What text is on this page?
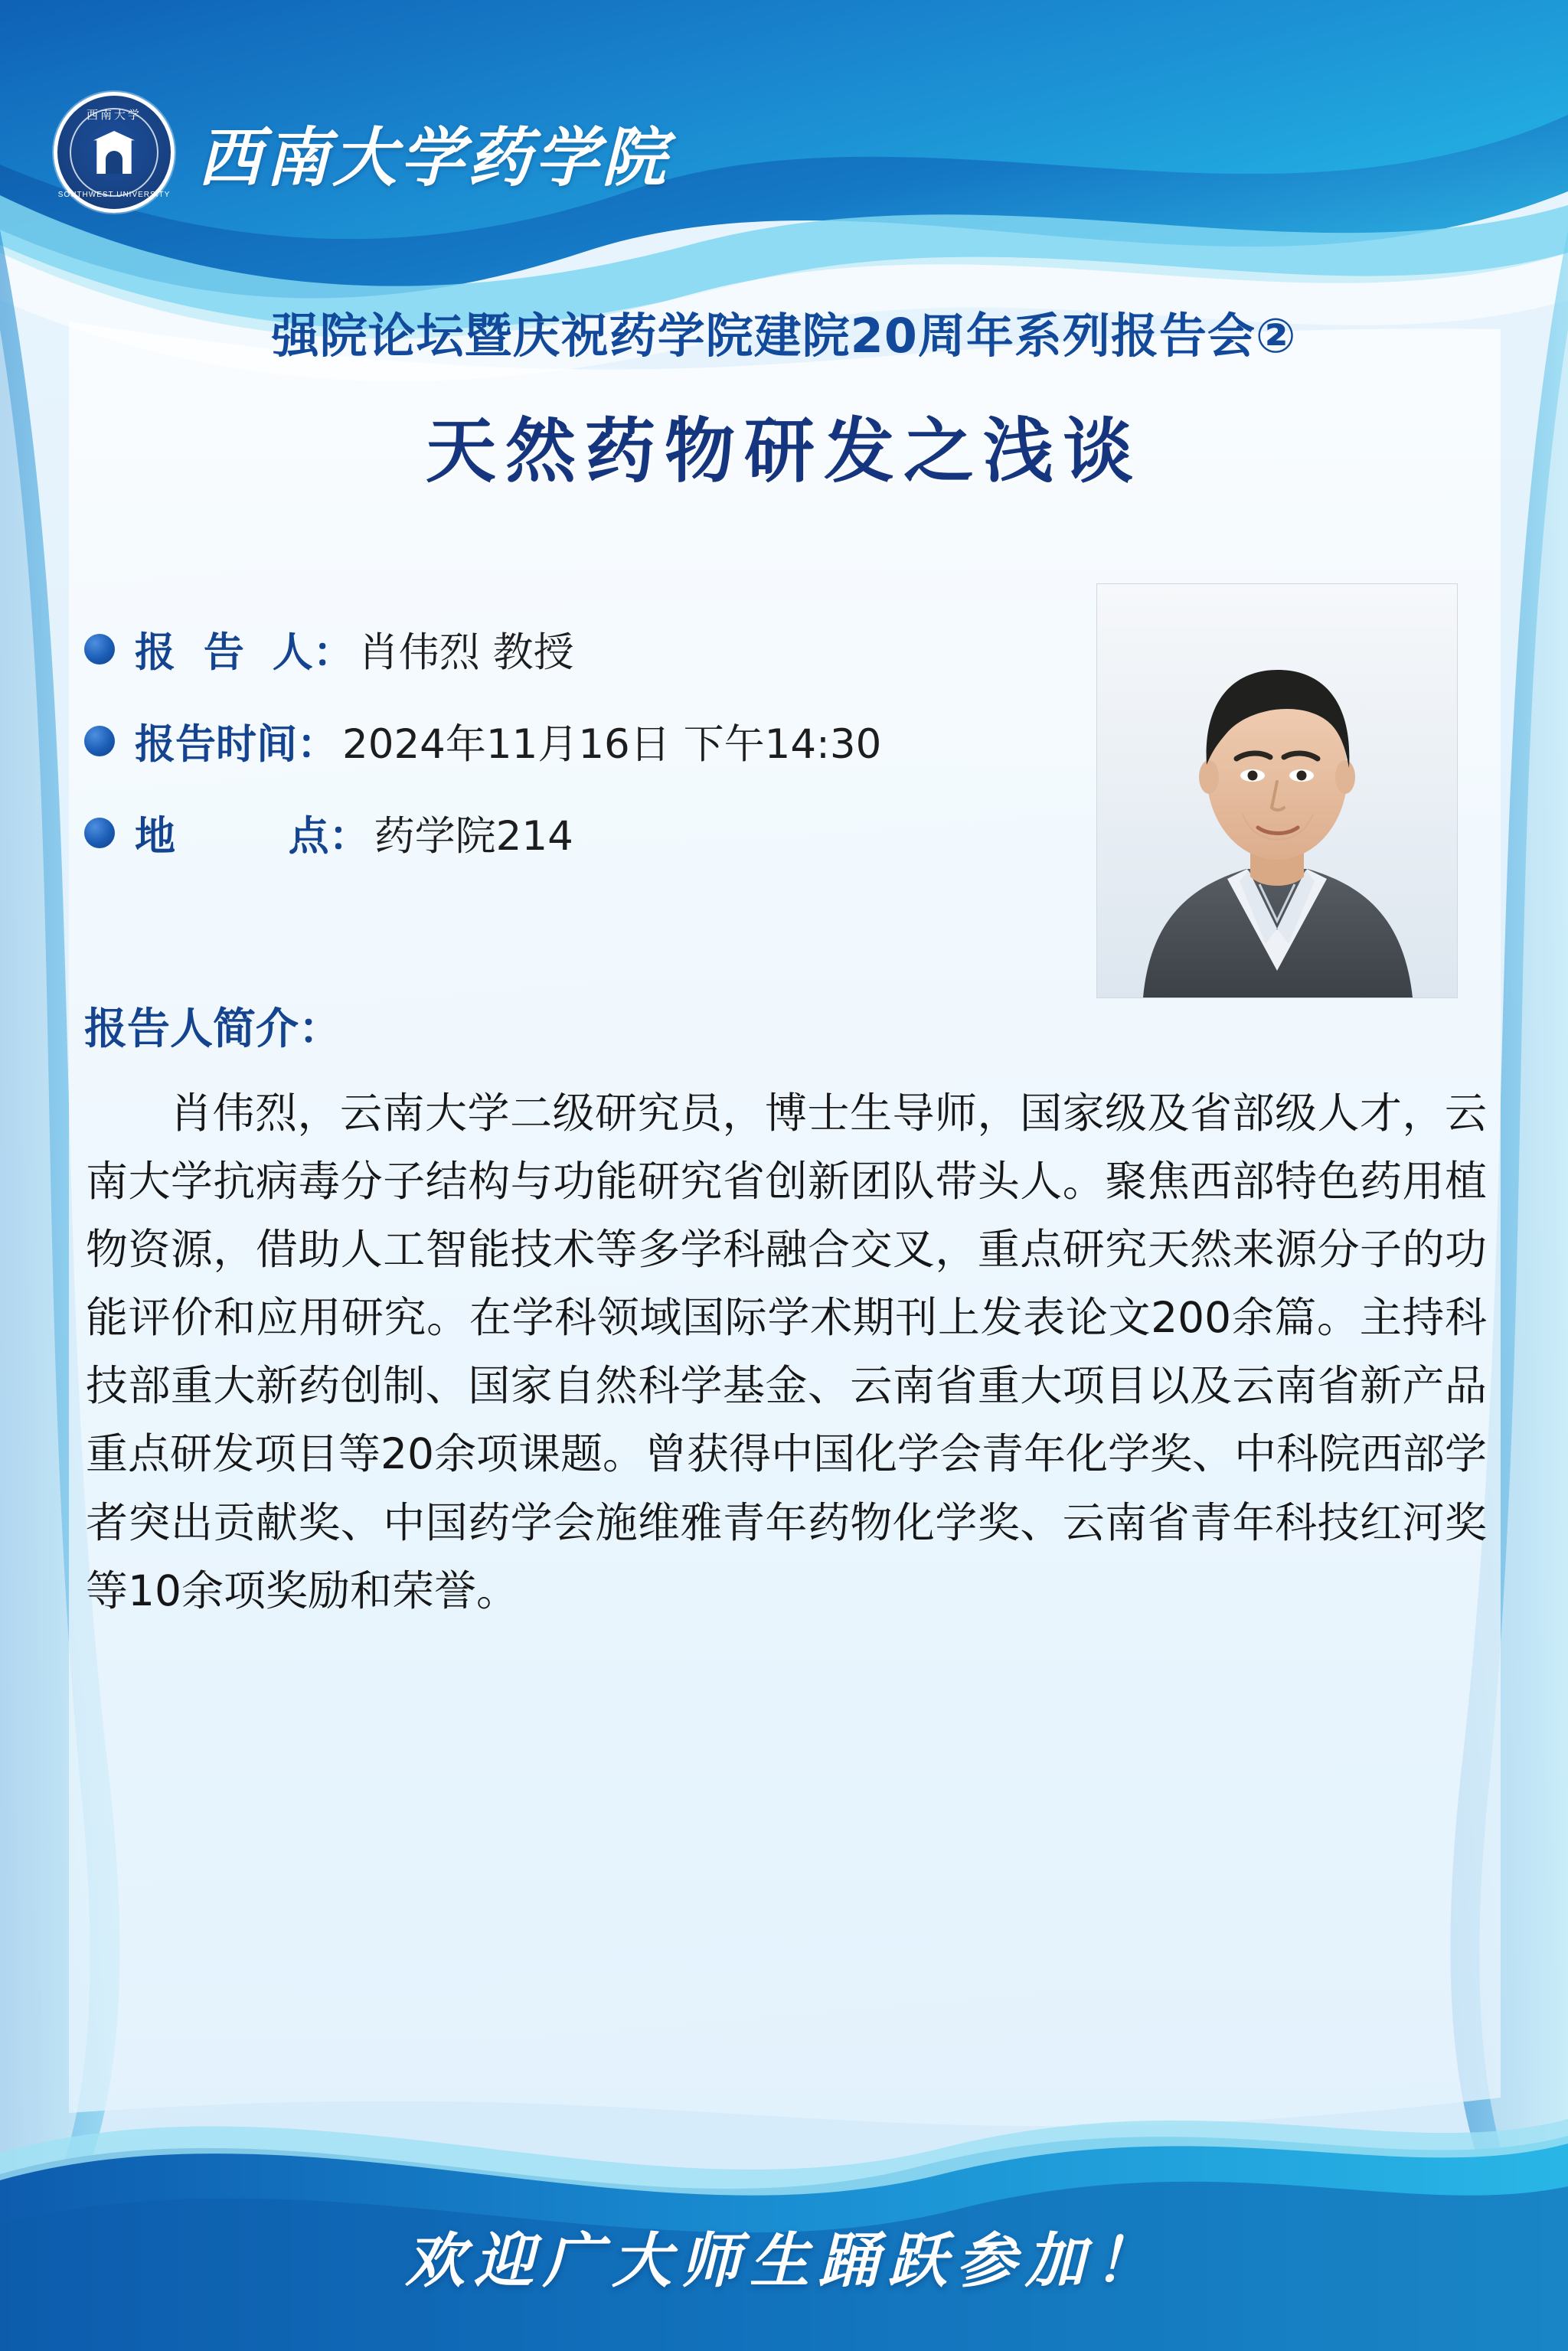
西南大学
SOUTHWEST UNIVERSITY 西南大学药学院
强院论坛暨庆祝药学院建院20周年系列报告会②
天然药物研发之浅谈
报  告  人 ： 肖伟烈 教授
报告时间 ： 2024年11月16日 下午14:30
地        点 ： 药学院214
报告人简介：
肖伟烈，云南大学二级研究员，博士生导师，国家级及省部级人才，云南大学抗病毒分子结构与功能研究省创新团队带头人。聚焦西部特色药用植物资源，借助人工智能技术等多学科融合交叉，重点研究天然来源分子的功能评价和应用研究。在学科领域国际学术期刊上发表论文200余篇。主持科技部重大新药创制、国家自然科学基金、云南省重大项目以及云南省新产品重点研发项目等20余项课题。曾获得中国化学会青年化学奖、中科院西部学者突出贡献奖、中国药学会施维雅青年药物化学奖、云南省青年科技红河奖等10余项奖励和荣誉。
欢迎广大师生踊跃参加！
